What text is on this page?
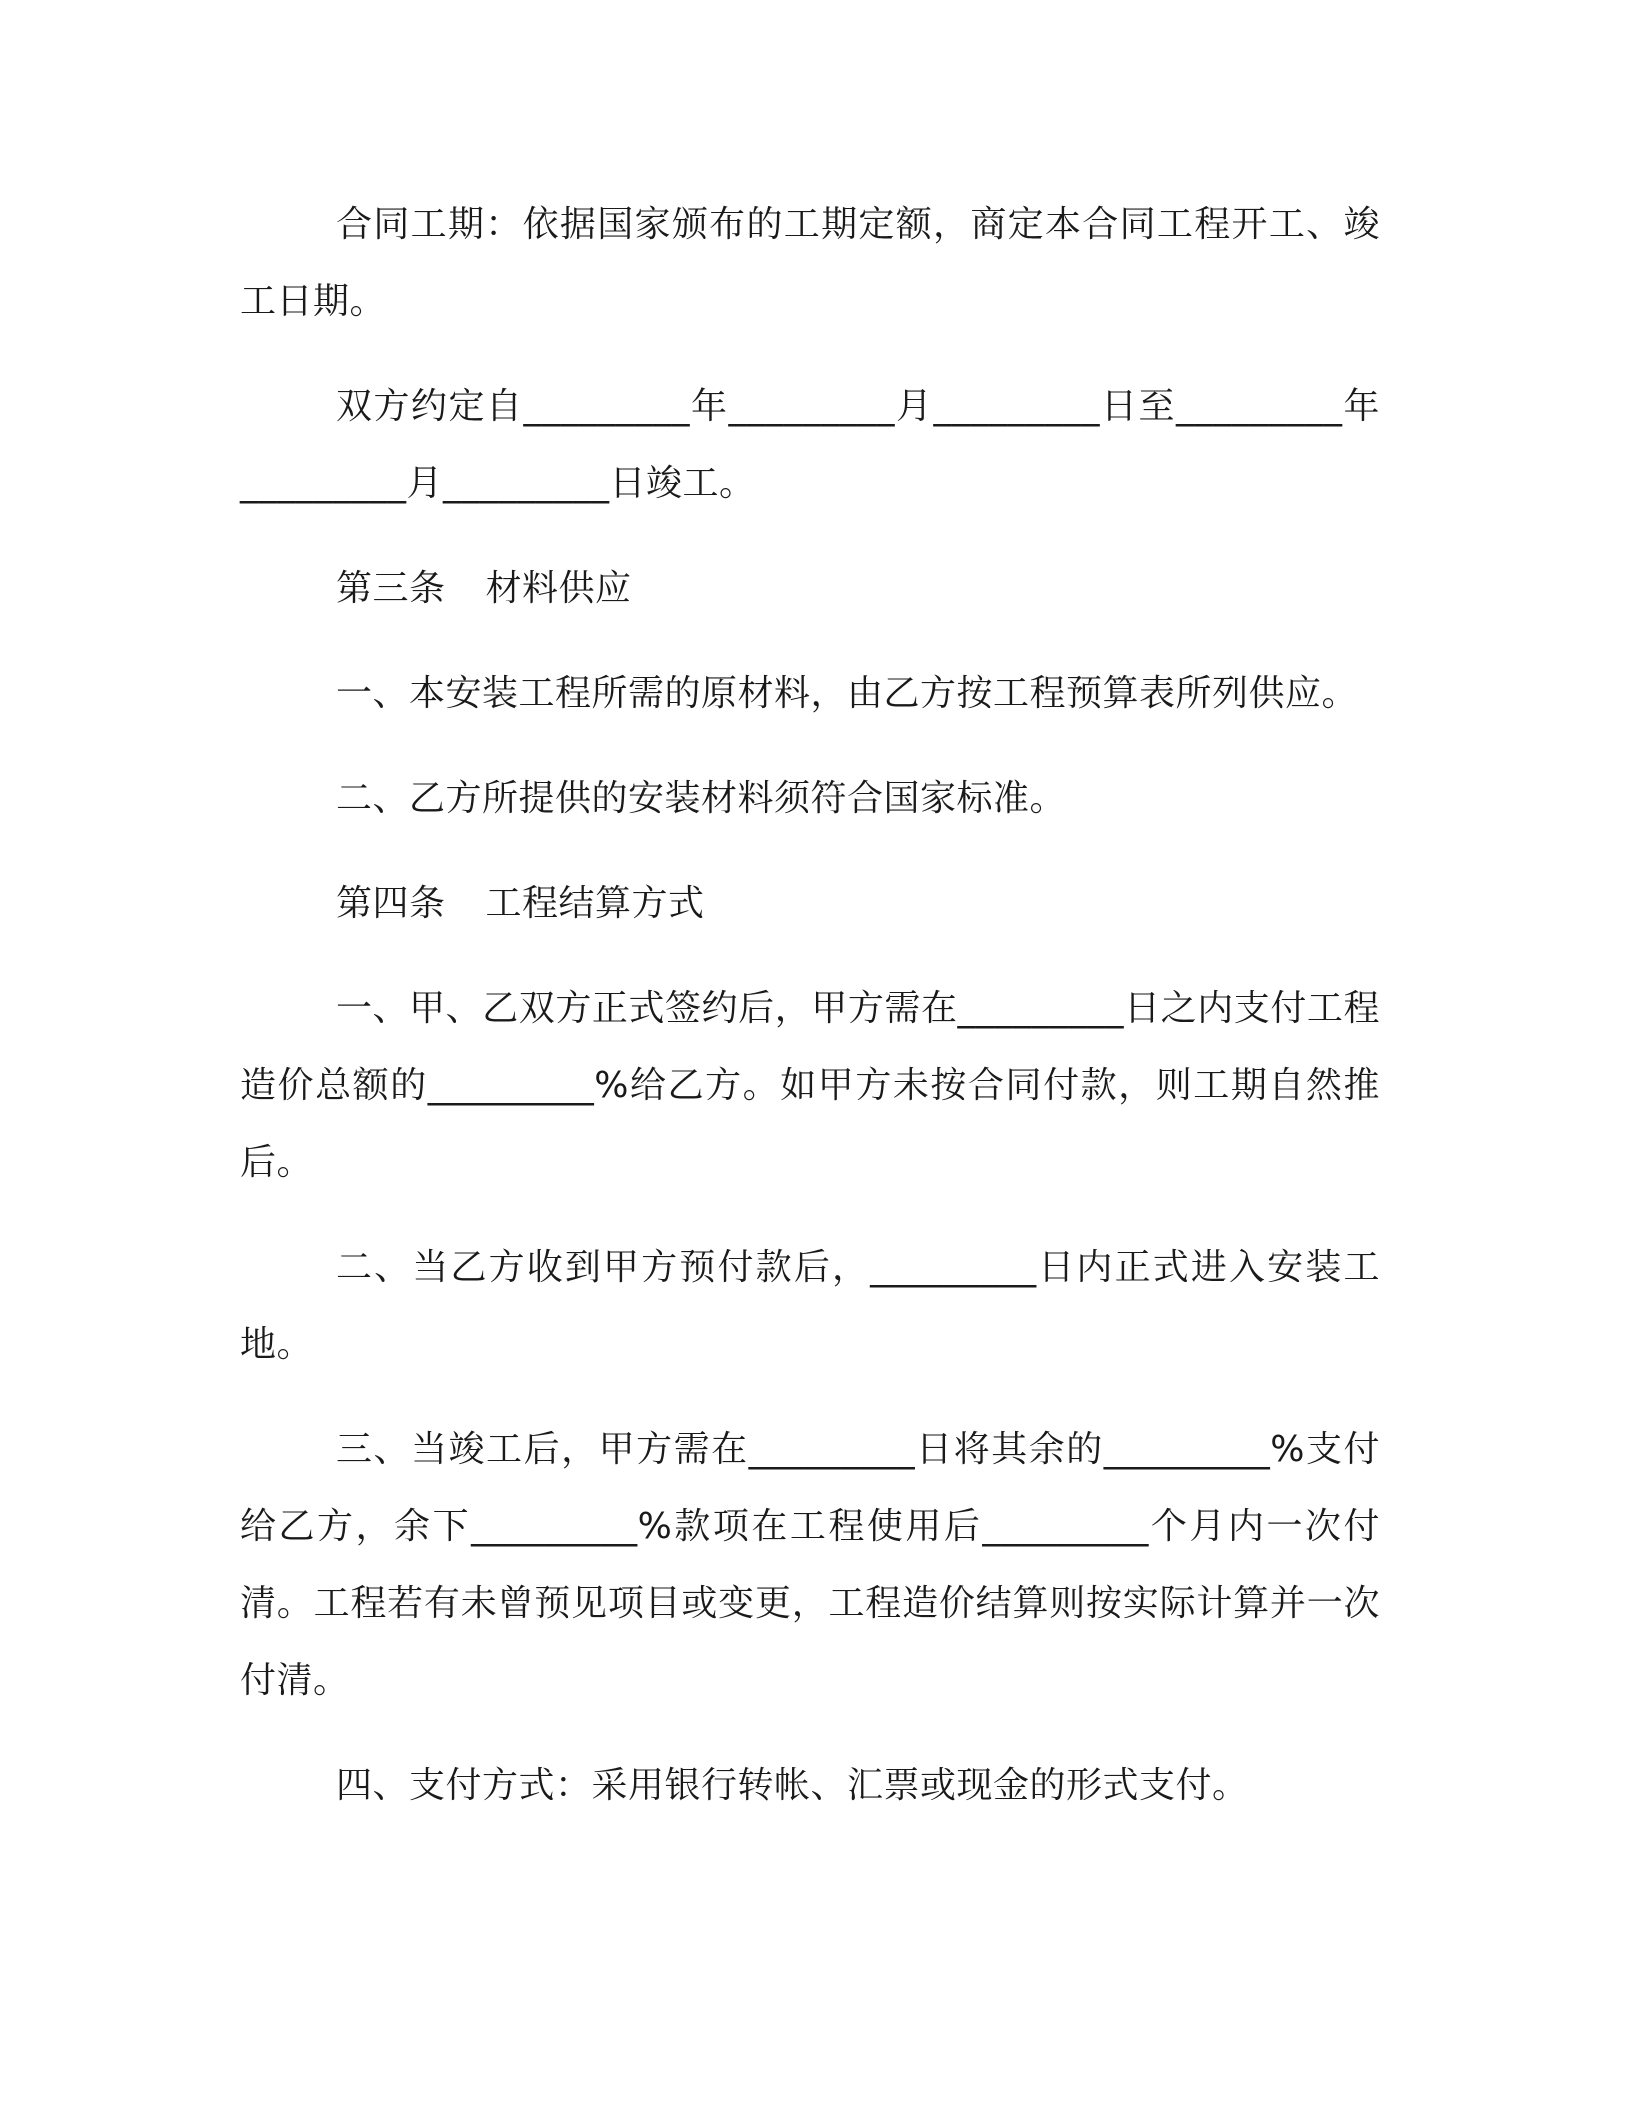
合同工期：依据国家颁布的工期定额，商定本合同工程开工、竣工日期。

双方约定自_________年_________月_________日至_________年_________月_________日竣工。

第三条 材料供应

一、本安装工程所需的原材料，由乙方按工程预算表所列供应。

二、乙方所提供的安装材料须符合国家标准。

第四条 工程结算方式

一、甲、乙双方正式签约后，甲方需在_________日之内支付工程造价总额的_________%给乙方。如甲方未按合同付款，则工期自然推后。

二、当乙方收到甲方预付款后，_________日内正式进入安装工地。

三、当竣工后，甲方需在_________日将其余的_________%支付给乙方，余下_________%款项在工程使用后_________个月内一次付清。工程若有未曾预见项目或变更，工程造价结算则按实际计算并一次付清。

四、支付方式：采用银行转帐、汇票或现金的形式支付。
